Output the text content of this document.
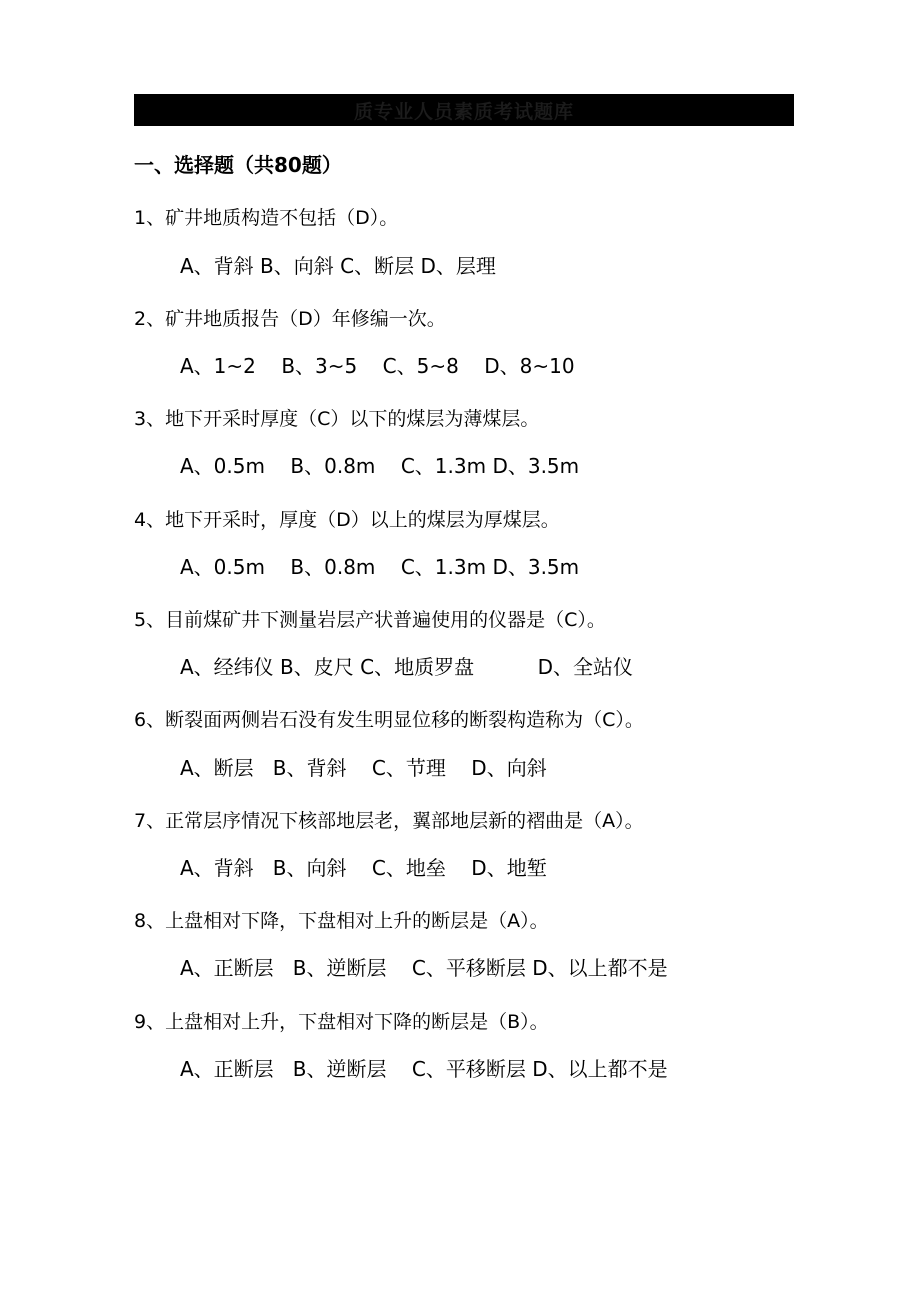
质专业人员素质考试题库
一、选择题（共80题）
1、矿井地质构造不包括（D）。
A、背斜 B、向斜 C、断层 D、层理
2、矿井地质报告（D）年修编一次。
A、1~2    B、3~5    C、5~8    D、8~10
3、地下开采时厚度（C）以下的煤层为薄煤层。
A、0.5m    B、0.8m    C、1.3m D、3.5m
4、地下开采时，厚度（D）以上的煤层为厚煤层。
A、0.5m    B、0.8m    C、1.3m D、3.5m
5、目前煤矿井下测量岩层产状普遍使用的仪器是（C）。
A、经纬仪 B、皮尺 C、地质罗盘          D、全站仪
6、断裂面两侧岩石没有发生明显位移的断裂构造称为（C）。
A、断层   B、背斜    C、节理    D、向斜
7、正常层序情况下核部地层老，翼部地层新的褶曲是（A）。
A、背斜   B、向斜    C、地垒    D、地堑
8、上盘相对下降，下盘相对上升的断层是（A）。
A、正断层   B、逆断层    C、平移断层 D、以上都不是
9、上盘相对上升，下盘相对下降的断层是（B）。
A、正断层   B、逆断层    C、平移断层 D、以上都不是
